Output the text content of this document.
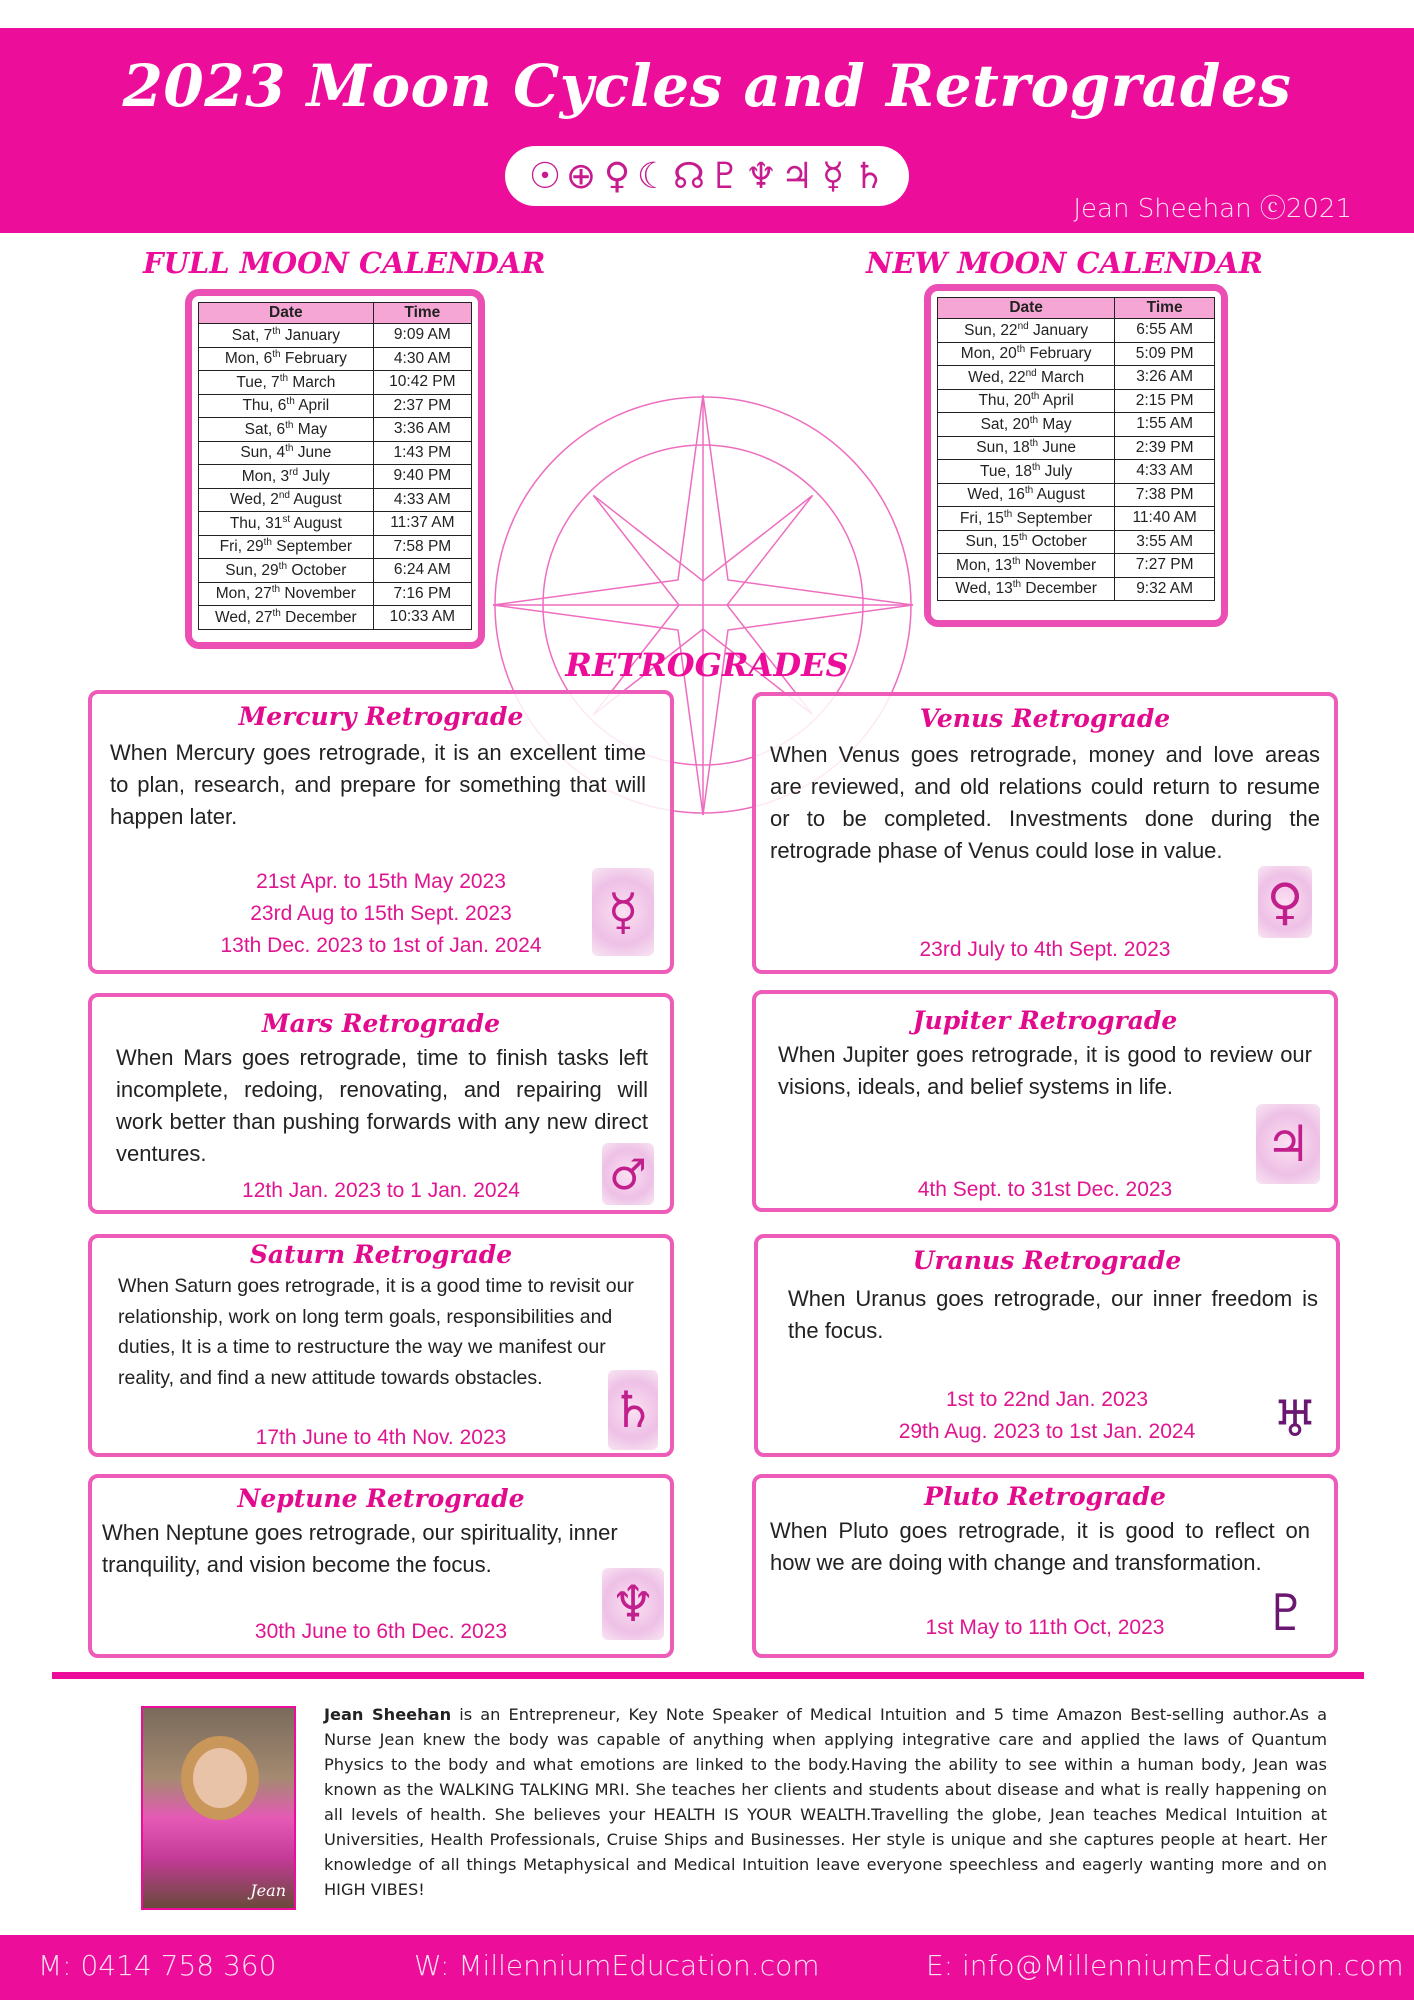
2023 Moon Cycles and Retrogrades
☉ ⊕ ♀ ☾ ☊ ♇ ♆ ♃ ☿ ♄
Jean Sheehan ⓒ2021
FULL MOON CALENDAR
Date	Time
Sat, 7th January	9:09 AM
Mon, 6th February	4:30 AM
Tue, 7th March	10:42 PM
Thu, 6th April	2:37 PM
Sat, 6th May	3:36 AM
Sun, 4th June	1:43 PM
Mon, 3rd July	9:40 PM
Wed, 2nd August	4:33 AM
Thu, 31st August	11:37 AM
Fri, 29th September	7:58 PM
Sun, 29th October	6:24 AM
Mon, 27th November	7:16 PM
Wed, 27th December	10:33 AM
NEW MOON CALENDAR
Date	Time
Sun, 22nd January	6:55 AM
Mon, 20th February	5:09 PM
Wed, 22nd March	3:26 AM
Thu, 20th April	2:15 PM
Sat, 20th May	1:55 AM
Sun, 18th June	2:39 PM
Tue, 18th July	4:33 AM
Wed, 16th August	7:38 PM
Fri, 15th September	11:40 AM
Sun, 15th October	3:55 AM
Mon, 13th November	7:27 PM
Wed, 13th December	9:32 AM
RETROGRADES
Mercury Retrograde

When Mercury goes retrograde, it is an excellent time to plan, research, and prepare for something that will happen later.

21st Apr. to 15th May 2023
23rd Aug to 15th Sept. 2023
13th Dec. 2023 to 1st of Jan. 2024
☿
Venus Retrograde

When Venus goes retrograde, money and love areas are reviewed, and old relations could return to resume or to be completed. Investments done during the retrograde phase of Venus could lose in value.

23rd July to 4th Sept. 2023
♀
Mars Retrograde

When Mars goes retrograde, time to finish tasks left incomplete, redoing, renovating, and repairing will work better than pushing forwards with any new direct ventures.

12th Jan. 2023 to 1 Jan. 2024	♂
Jupiter Retrograde

When Jupiter goes retrograde, it is good to review our visions, ideals, and belief systems in life.

4th Sept. to 31st Dec. 2023
♃
Saturn Retrograde

When Saturn goes retrograde, it is a good time to revisit our relationship, work on long term goals, responsibilities and duties, It is a time to restructure the way we manifest our reality, and find a new attitude towards obstacles.

17th June to 4th Nov. 2023	♄
Uranus Retrograde

When Uranus goes retrograde, our inner freedom is the focus.

1st to 22nd Jan. 2023
29th Aug. 2023 to 1st Jan. 2024	♅
Neptune Retrograde

When Neptune goes retrograde, our spirituality, inner tranquility, and vision become the focus.

30th June to 6th Dec. 2023	♆
Pluto Retrograde

When Pluto goes retrograde, it is good to reflect on how we are doing with change and transformation.

1st May to 11th Oct, 2023	♇
Jean
Jean Sheehan is an Entrepreneur, Key Note Speaker of Medical Intuition and 5 time Amazon Best-selling author.As a Nurse Jean knew the body was capable of anything when applying integrative care and applied the laws of Quantum Physics to the body and what emotions are linked to the body.Having the ability to see within a human body, Jean was known as the WALKING TALKING MRI. She teaches her clients and students about disease and what is really happening on all levels of health. She believes your HEALTH IS YOUR WEALTH.Travelling the globe, Jean teaches Medical Intuition at Universities, Health Professionals, Cruise Ships and Businesses. Her style is unique and she captures people at heart. Her knowledge of all things Metaphysical and Medical Intuition leave everyone speechless and eagerly wanting more and on HIGH VIBES!
M: 0414 758 360	W: MillenniumEducation.com	E: info@MillenniumEducation.com
